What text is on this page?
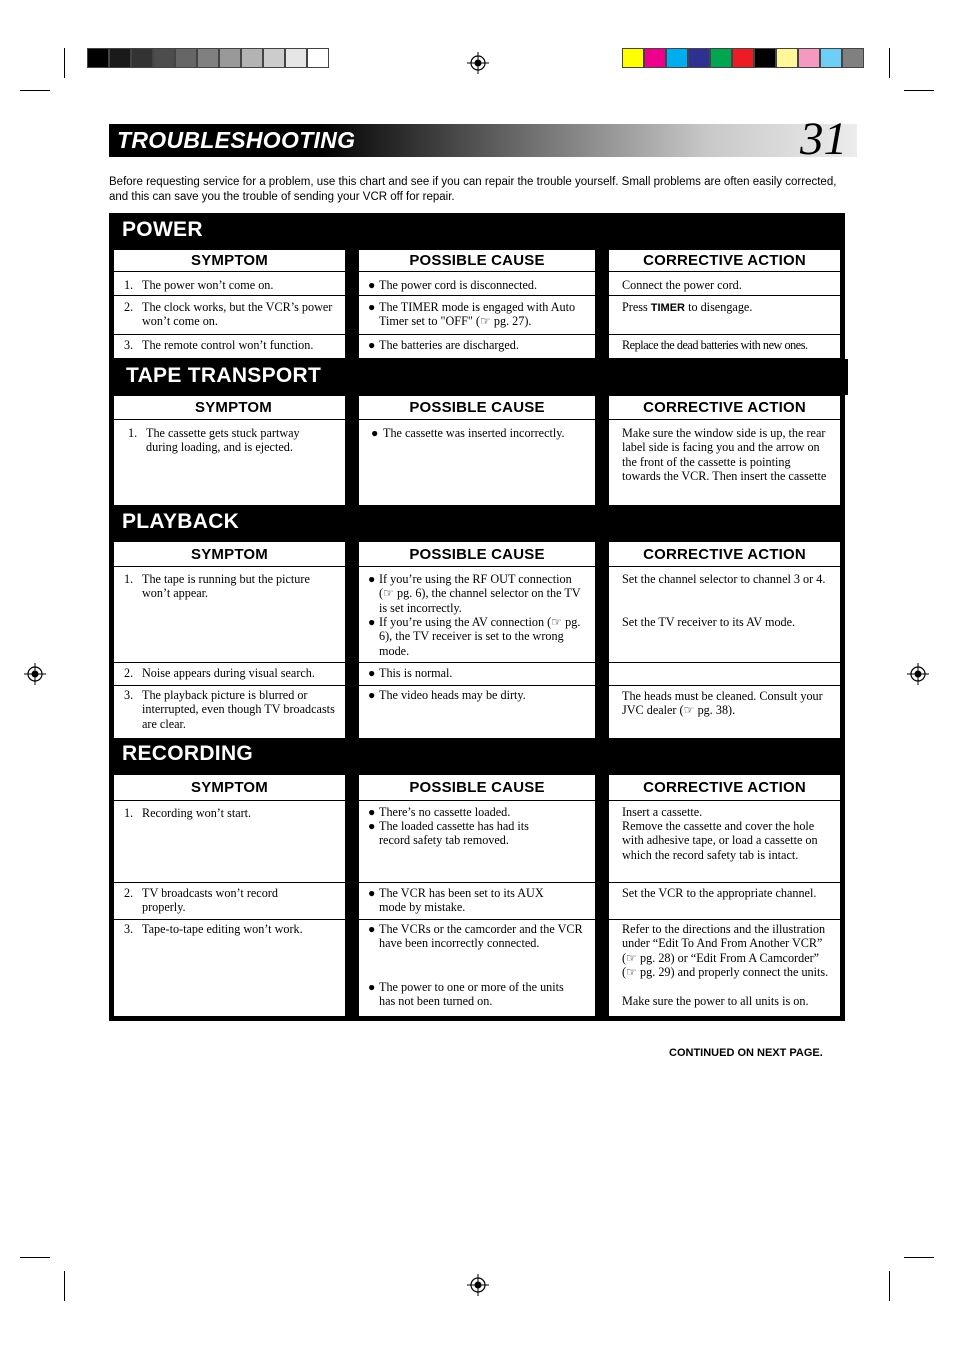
TROUBLESHOOTING	31
Before requesting service for a problem, use this chart and see if you can repair the trouble yourself. Small problems are often easily corrected, and this can save you the trouble of sending your VCR off for repair.
POWER
SYMPTOM
1. The power won’t come on.
2. The clock works, but the VCR’s power won’t come on.
3. The remote control won’t function.
POSSIBLE CAUSE
● The power cord is disconnected.
● The TIMER mode is engaged with Auto Timer set to "OFF" (☞ pg. 27).
● The batteries are discharged.
CORRECTIVE ACTION
Connect the power cord.
Press TIMER to disengage.
Replace the dead batteries with new ones.
TAPE TRANSPORT
SYMPTOM
1. The cassette gets stuck partway during loading, and is ejected.
POSSIBLE CAUSE
● The cassette was inserted incorrectly.
CORRECTIVE ACTION
Make sure the window side is up, the rear label side is facing you and the arrow on the front of the cassette is pointing towards the VCR. Then insert the cassette
PLAYBACK
SYMPTOM
1. The tape is running but the picture won’t appear.
2. Noise appears during visual search.
3. The playback picture is blurred or interrupted, even though TV broadcasts are clear.
POSSIBLE CAUSE
● If you’re using the RF OUT connection (☞ pg. 6), the channel selector on the TV is set incorrectly.
● If you’re using the AV connection (☞ pg. 6), the TV receiver is set to the wrong mode.
● This is normal.
● The video heads may be dirty.
CORRECTIVE ACTION
Set the channel selector to channel 3 or 4.
Set the TV receiver to its AV mode.
The heads must be cleaned. Consult your JVC dealer (☞ pg. 38).
RECORDING
SYMPTOM
1. Recording won’t start.
2. TV broadcasts won’t record properly.
3. Tape-to-tape editing won’t work.
POSSIBLE CAUSE
● There’s no cassette loaded.
● The loaded cassette has had its record safety tab removed.
● The VCR has been set to its AUX mode by mistake.
● The VCRs or the camcorder and the VCR have been incorrectly connected.
● The power to one or more of the units has not been turned on.
CORRECTIVE ACTION
Insert a cassette.
Remove the cassette and cover the hole with adhesive tape, or load a cassette on which the record safety tab is intact.
Set the VCR to the appropriate channel.
Refer to the directions and the illustration under “Edit To And From Another VCR” (☞ pg. 28) or “Edit From A Camcorder” (☞ pg. 29) and properly connect the units.
Make sure the power to all units is on.
CONTINUED ON NEXT PAGE.
